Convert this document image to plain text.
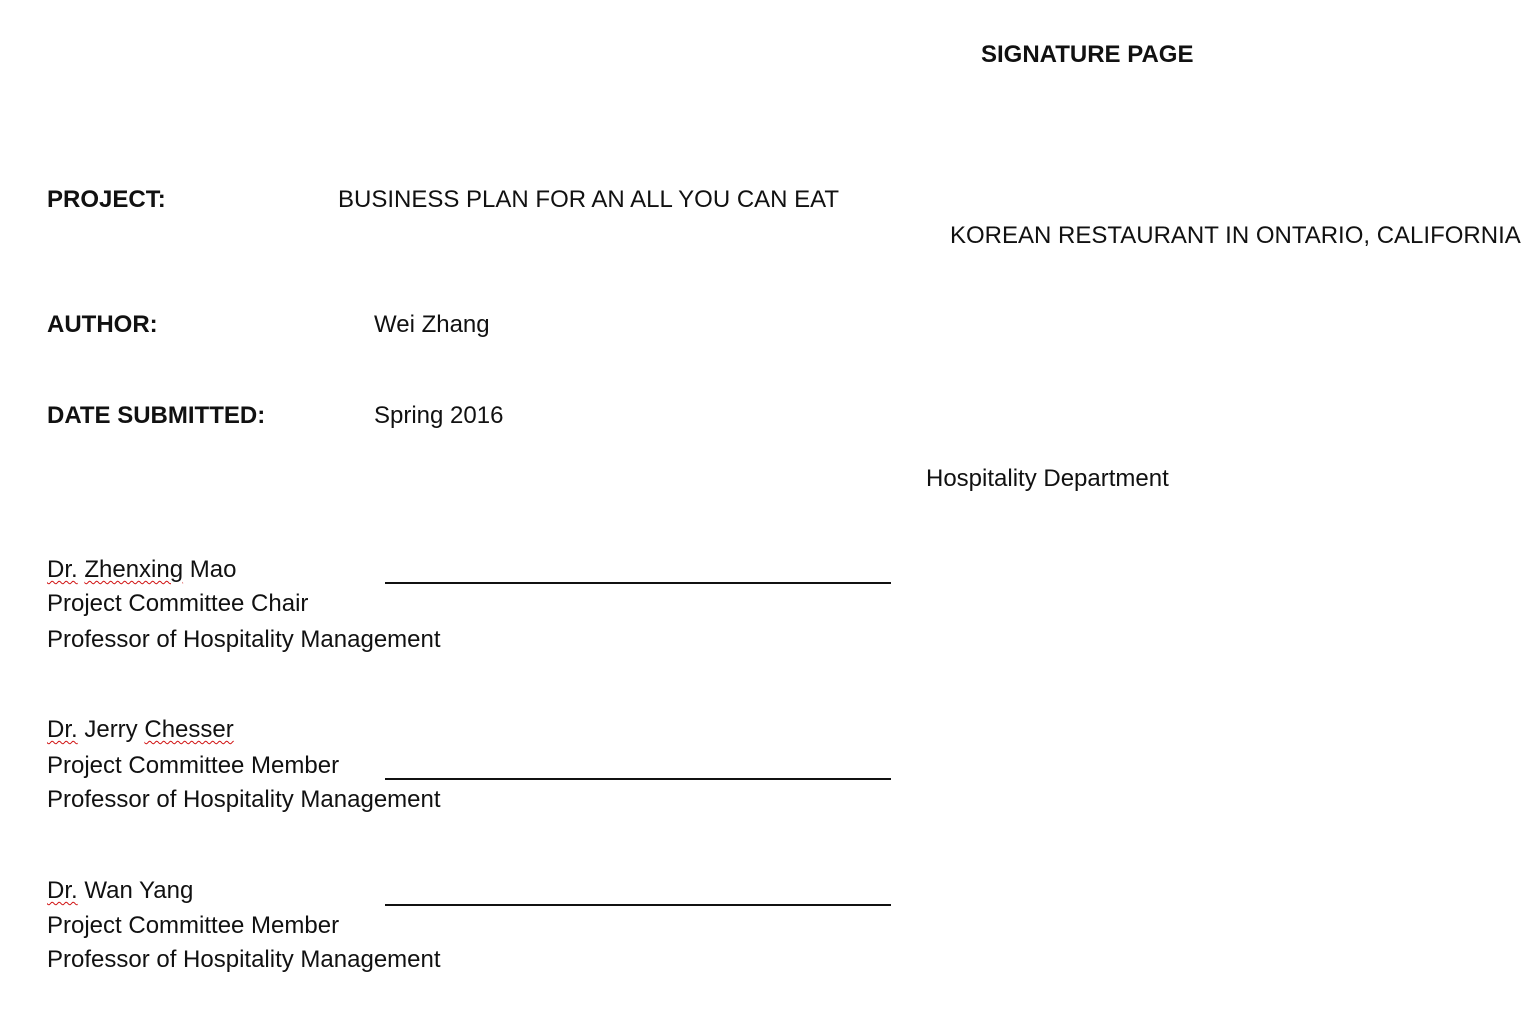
SIGNATURE PAGE
PROJECT:	BUSINESS PLAN FOR AN ALL YOU CAN EAT
KOREAN RESTAURANT IN ONTARIO, CALIFORNIA
AUTHOR:	Wei Zhang
DATE SUBMITTED:	Spring 2016
Hospitality Department
Dr. Zhenxing Mao
Project Committee Chair
Professor of Hospitality Management
Dr. Jerry Chesser
Project Committee Member
Professor of Hospitality Management
Dr. Wan Yang
Project Committee Member
Professor of Hospitality Management
